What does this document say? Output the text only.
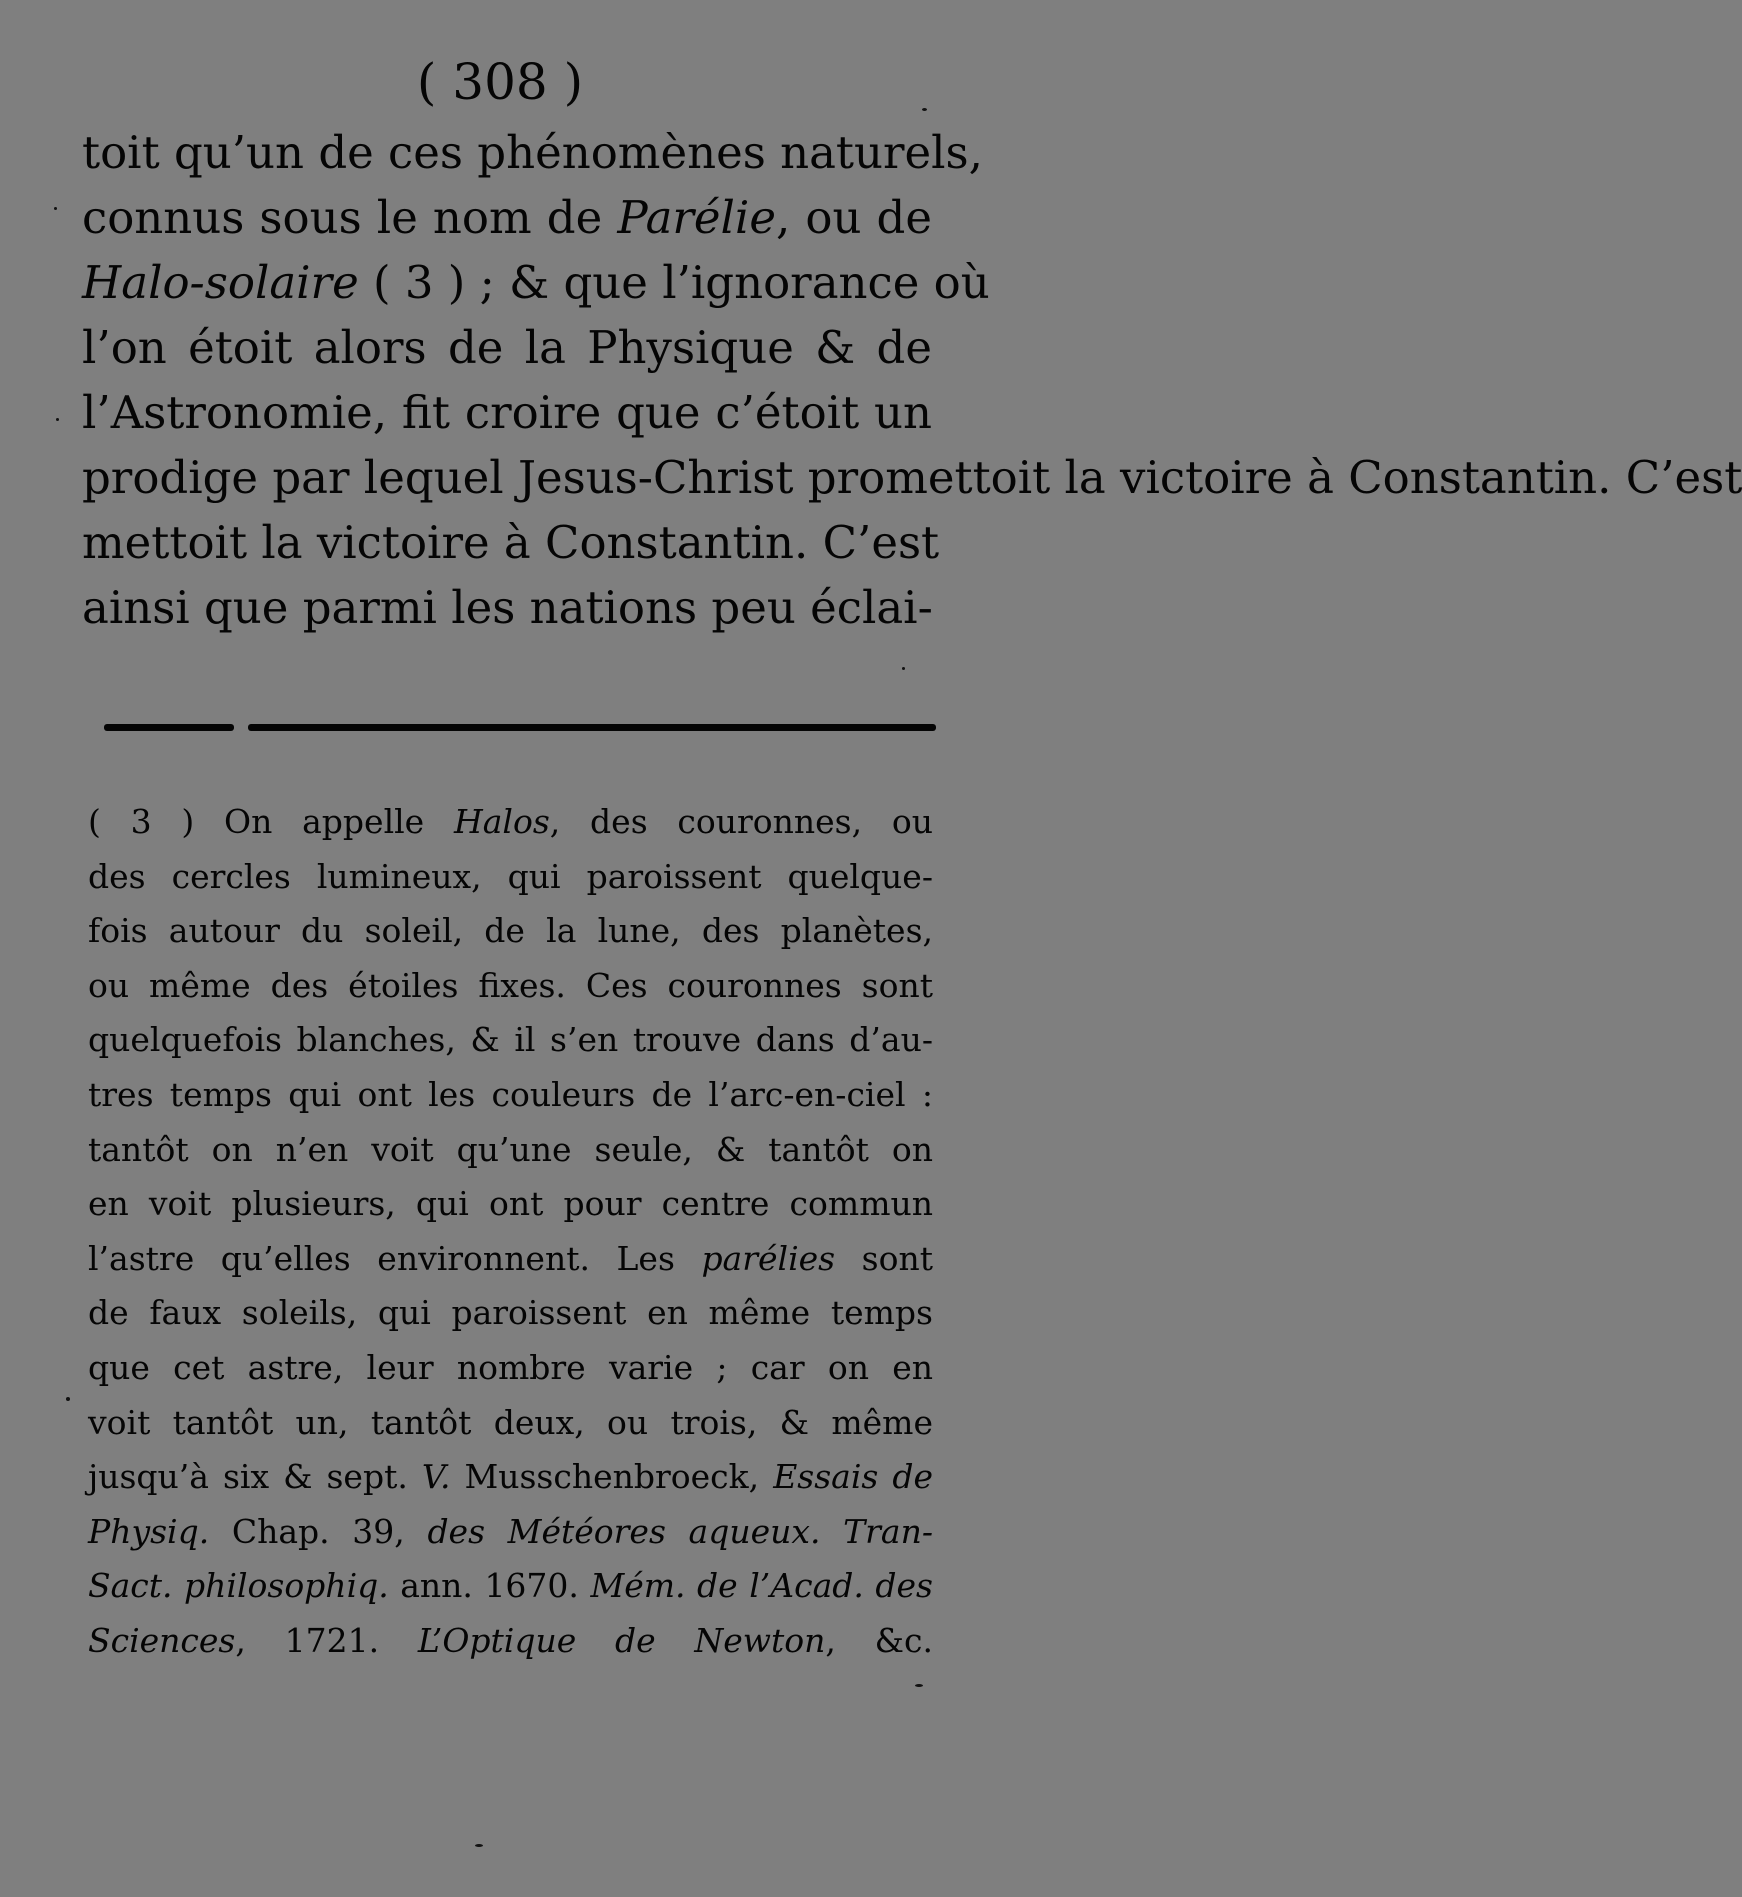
( 308 )
toit qu’un de ces phénomènes naturels,
connus sous le nom de Parélie, ou de
Halo-solaire ( 3 ) ; & que l’ignorance où
l’on étoit alors de la Physique & de
l’Astronomie, fit croire que c’étoit un
prodige par lequel Jesus-Christ promettoit la victoire à Constantin. C’est
mettoit la victoire à Constantin. C’est
ainsi que parmi les nations peu éclai-
( 3 ) On appelle Halos, des couronnes, ou
des cercles lumineux, qui paroissent quelque-
fois autour du soleil, de la lune, des planètes,
ou même des étoiles fixes. Ces couronnes sont
quelquefois blanches, & il s’en trouve dans d’au-
tres temps qui ont les couleurs de l’arc-en-ciel :
tantôt on n’en voit qu’une seule, & tantôt on
en voit plusieurs, qui ont pour centre commun
l’astre qu’elles environnent. Les parélies sont
de faux soleils, qui paroissent en même temps
que cet astre, leur nombre varie ; car on en
voit tantôt un, tantôt deux, ou trois, & même
jusqu’à six & sept. V. Musschenbroeck, Essais de
Physiq. Chap. 39, des Météores aqueux. Tran-
Sact. philosophiq. ann. 1670. Mém. de l’Acad. des
Sciences, 1721. L’Optique de Newton, &c.
